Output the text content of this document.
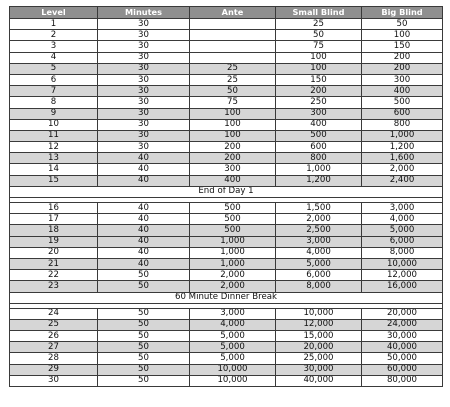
Level	Minutes	Ante	Small Blind	Big Blind
1	30		25	50
2	30		50	100
3	30		75	150
4	30		100	200
5	30	25	100	200
6	30	25	150	300
7	30	50	200	400
8	30	75	250	500
9	30	100	300	600
10	30	100	400	800
11	30	100	500	1,000
12	30	200	600	1,200
13	40	200	800	1,600
14	40	300	1,000	2,000
15	40	400	1,200	2,400
End of Day 1				

16	40	500	1,500	3,000
17	40	500	2,000	4,000
18	40	500	2,500	5,000
19	40	1,000	3,000	6,000
20	40	1,000	4,000	8,000
21	40	1,000	5,000	10,000
22	50	2,000	6,000	12,000
23	50	2,000	8,000	16,000
60 Minute Dinner Break				

24	50	3,000	10,000	20,000
25	50	4,000	12,000	24,000
26	50	5,000	15,000	30,000
27	50	5,000	20,000	40,000
28	50	5,000	25,000	50,000
29	50	10,000	30,000	60,000
30	50	10,000	40,000	80,000
